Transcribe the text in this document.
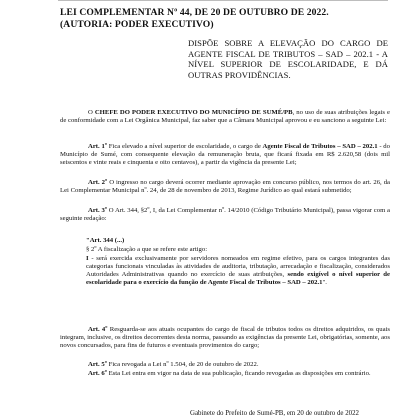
LEI COMPLEMENTAR Nº 44, DE 20 DE OUTUBRO DE 2022.
(AUTORIA: PODER EXECUTIVO)
DISPÕE SOBRE A ELEVAÇÃO DO CARGO DE AGENTE FISCAL DE TRIBUTOS – SAD – 202.1 - A NÍVEL SUPERIOR DE ESCOLARIDADE, E DÁ OUTRAS PROVIDÊNCIAS.

O CHEFE DO PODER EXECUTIVO DO MUNICÍPIO DE SUMÉ/PB, no uso de suas atribuições legais e de conformidade com a Lei Orgânica Municipal, faz saber que a Câmara Municipal aprovou e eu sanciono a seguinte Lei:

Art. 1º Fica elevado a nível superior de escolaridade, o cargo de Agente Fiscal de Tributos – SAD – 202.1 - do Município de Sumé, com consequente elevação da remuneração bruta, que ficará fixada em R$ 2.620,58 (dois mil seiscentos e vinte reais e cinquenta e oito centavos), a partir da vigência da presente Lei;

Art. 2º O ingresso no cargo deverá ocorrer mediante aprovação em concurso público, nos termos do art. 26, da Lei Complementar Municipal nº. 24, de 28 de novembro de 2013, Regime Jurídico ao qual estará submetido;

Art. 3º O Art. 344, §2º, I, da Lei Complementar nº. 14/2010 (Código Tributário Municipal), passa vigorar com a seguinte redação:

"Art. 344 (...)

§ 2º A fiscalização a que se refere este artigo:

I - será exercida exclusivamente por servidores nomeados em regime efetivo, para os cargos integrantes das categorias funcionais vinculadas às atividades de auditoria, tributação, arrecadação e fiscalização, considerados Autoridades Administrativas quando no exercício de suas atribuições, sendo exigível o nível superior de escolaridade para o exercício da função de Agente Fiscal de Tributos – SAD – 202.1".

Art. 4º Resguarda-se aos atuais ocupantes do cargo de fiscal de tributos todos os direitos adquiridos, os quais integram, inclusive, os direitos decorrentes desta norma, passando as exigências da presente Lei, obrigatórias, somente, aos novos concursados, para fins de futuros e eventuais provimentos do cargo;

Art. 5º Fica revogada a Lei nº 1.504, de 20 de outubro de 2022.

Art. 6º Esta Lei entra em vigor na data de sua publicação, ficando revogadas as disposições em contrário.

Gabinete do Prefeito de Sumé-PB, em 20 de outubro de 2022
